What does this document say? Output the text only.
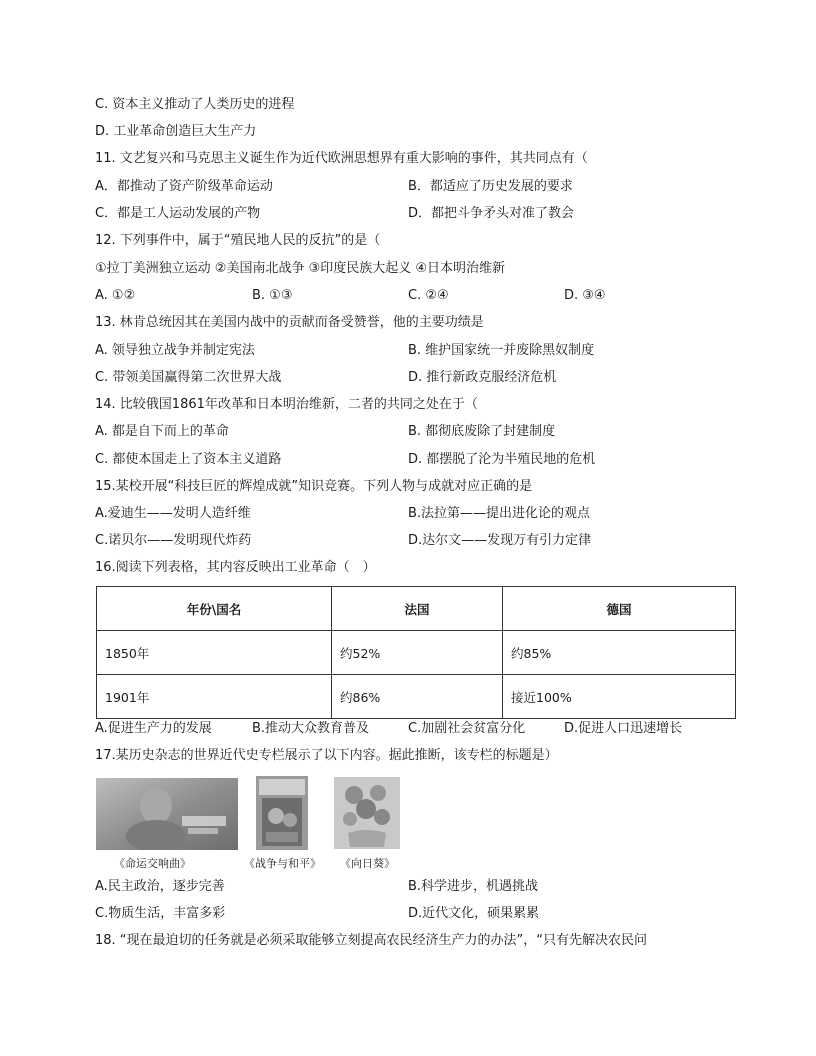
C. 资本主义推动了人类历史的进程
D. 工业革命创造巨大生产力
11. 文艺复兴和马克思主义诞生作为近代欧洲思想界有重大影响的事件，其共同点有（
A．都推动了资产阶级革命运动	B．都适应了历史发展的要求
C．都是工人运动发展的产物	D．都把斗争矛头对准了教会
12. 下列事件中，属于“殖民地人民的反抗”的是（
①拉丁美洲独立运动 ②美国南北战争 ③印度民族大起义 ④日本明治维新
A. ①②	B. ①③	C. ②④	D. ③④
13. 林肯总统因其在美国内战中的贡献而备受赞誉，他的主要功绩是
A. 领导独立战争并制定宪法	B. 维护国家统一并废除黑奴制度
C. 带领美国赢得第二次世界大战	D. 推行新政克服经济危机
14. 比较俄国1861年改革和日本明治维新，二者的共同之处在于（
A. 都是自下而上的革命	B. 都彻底废除了封建制度
C. 都使本国走上了资本主义道路	D. 都摆脱了沦为半殖民地的危机
15.某校开展“科技巨匠的辉煌成就”知识竞赛。下列人物与成就对应正确的是
A.爱迪生——发明人造纤维	B.法拉第——提出进化论的观点
C.诺贝尔——发明现代炸药	D.达尔文——发现万有引力定律
16.阅读下列表格，其内容反映出工业革命（　）
年份\国名	法国	德国
1850年	约52%	约85%
1901年	约86%	接近100%
A.促进生产力的发展	B.推动大众教育普及	C.加剧社会贫富分化	D.促进人口迅速增长
17.某历史杂志的世界近代史专栏展示了以下内容。据此推断，该专栏的标题是）
《命运交响曲》	《战争与和平》 《向日葵》
A.民主政治，逐步完善	B.科学进步，机遇挑战
C.物质生活，丰富多彩	D.近代文化，硕果累累
18. “现在最迫切的任务就是必须采取能够立刻提高农民经济生产力的办法”，“只有先解决农民问
